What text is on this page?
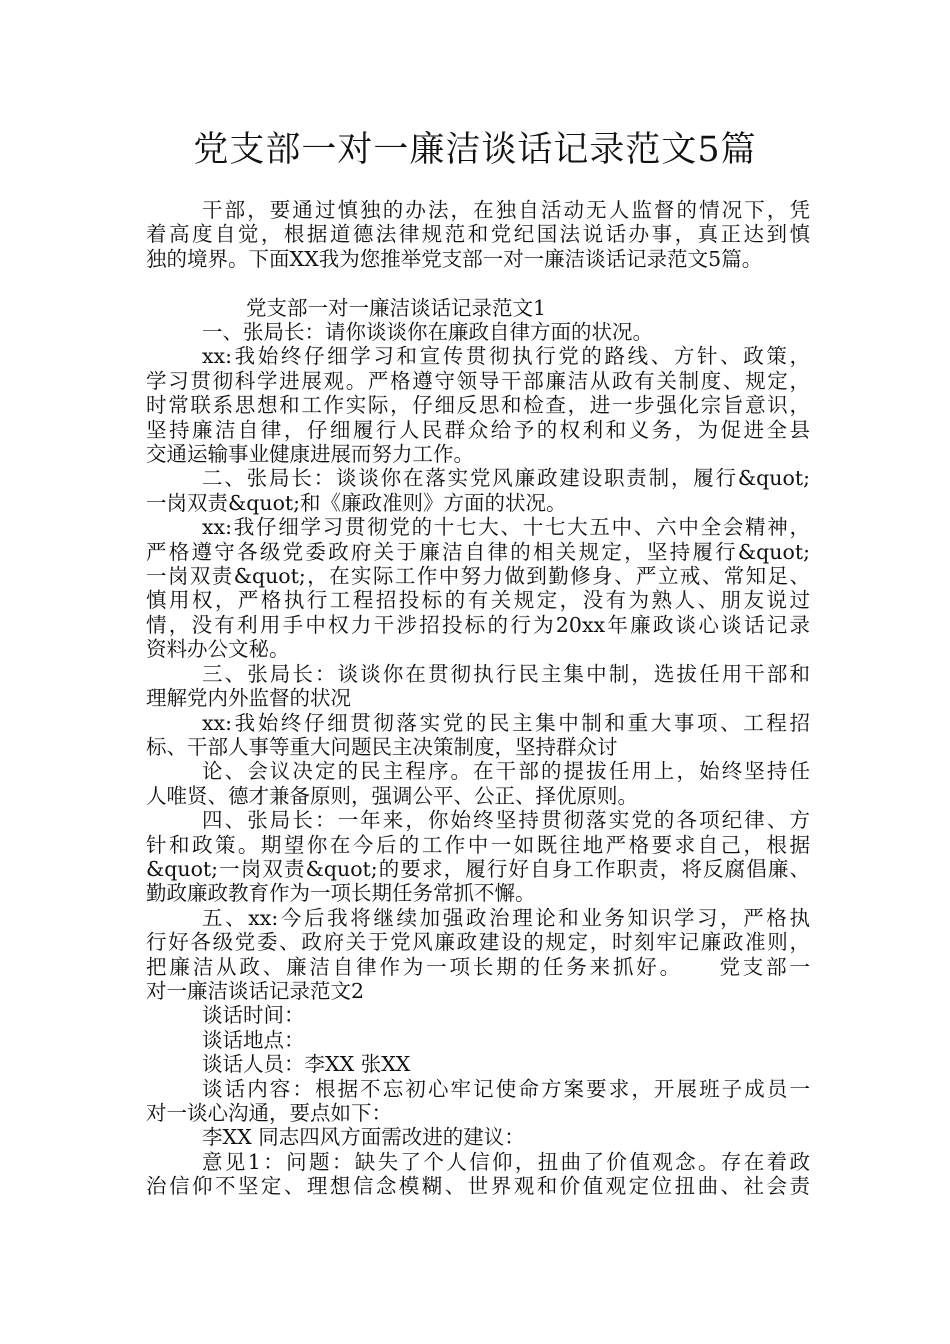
党支部一对一廉洁谈话记录范文5篇
干部，要通过慎独的办法，在独自活动无人监督的情况下，凭
着高度自觉，根据道德法律规范和党纪国法说话办事，真正达到慎
独的境界。下面XX我为您推举党支部一对一廉洁谈话记录范文5篇。
党支部一对一廉洁谈话记录范文1
一、张局长：请你谈谈你在廉政自律方面的状况。
xx:我始终仔细学习和宣传贯彻执行党的路线、方针、政策，
学习贯彻科学进展观。严格遵守领导干部廉洁从政有关制度、规定，
时常联系思想和工作实际，仔细反思和检查，进一步强化宗旨意识，
坚持廉洁自律，仔细履行人民群众给予的权利和义务，为促进全县
交通运输事业健康进展而努力工作。
二、张局长：谈谈你在落实党风廉政建设职责制，履行&quot;
一岗双责&quot;和《廉政准则》方面的状况。
xx:我仔细学习贯彻党的十七大、十七大五中、六中全会精神，
严格遵守各级党委政府关于廉洁自律的相关规定，坚持履行&quot;
一岗双责&quot;，在实际工作中努力做到勤修身、严立戒、常知足、
慎用权，严格执行工程招投标的有关规定，没有为熟人、朋友说过
情，没有利用手中权力干涉招投标的行为20xx年廉政谈心谈话记录
资料办公文秘。
三、张局长：谈谈你在贯彻执行民主集中制，选拔任用干部和
理解党内外监督的状况
xx:我始终仔细贯彻落实党的民主集中制和重大事项、工程招
标、干部人事等重大问题民主决策制度，坚持群众讨
论、会议决定的民主程序。在干部的提拔任用上，始终坚持任
人唯贤、德才兼备原则，强调公平、公正、择优原则。
四、张局长：一年来，你始终坚持贯彻落实党的各项纪律、方
针和政策。期望你在今后的工作中一如既往地严格要求自己，根据
&quot;一岗双责&quot;的要求，履行好自身工作职责，将反腐倡廉、
勤政廉政教育作为一项长期任务常抓不懈。
五、xx:今后我将继续加强政治理论和业务知识学习，严格执
行好各级党委、政府关于党风廉政建设的规定，时刻牢记廉政准则，
把廉洁从政、廉洁自律作为一项长期的任务来抓好。　　党支部一
对一廉洁谈话记录范文2
谈话时间：
谈话地点：
谈话人员：李XX 张XX
谈话内容：根据不忘初心牢记使命方案要求，开展班子成员一
对一谈心沟通，要点如下：
李XX 同志四风方面需改进的建议：
意见1：问题：缺失了个人信仰，扭曲了价值观念。存在着政
治信仰不坚定、理想信念模糊、世界观和价值观定位扭曲、社会责
